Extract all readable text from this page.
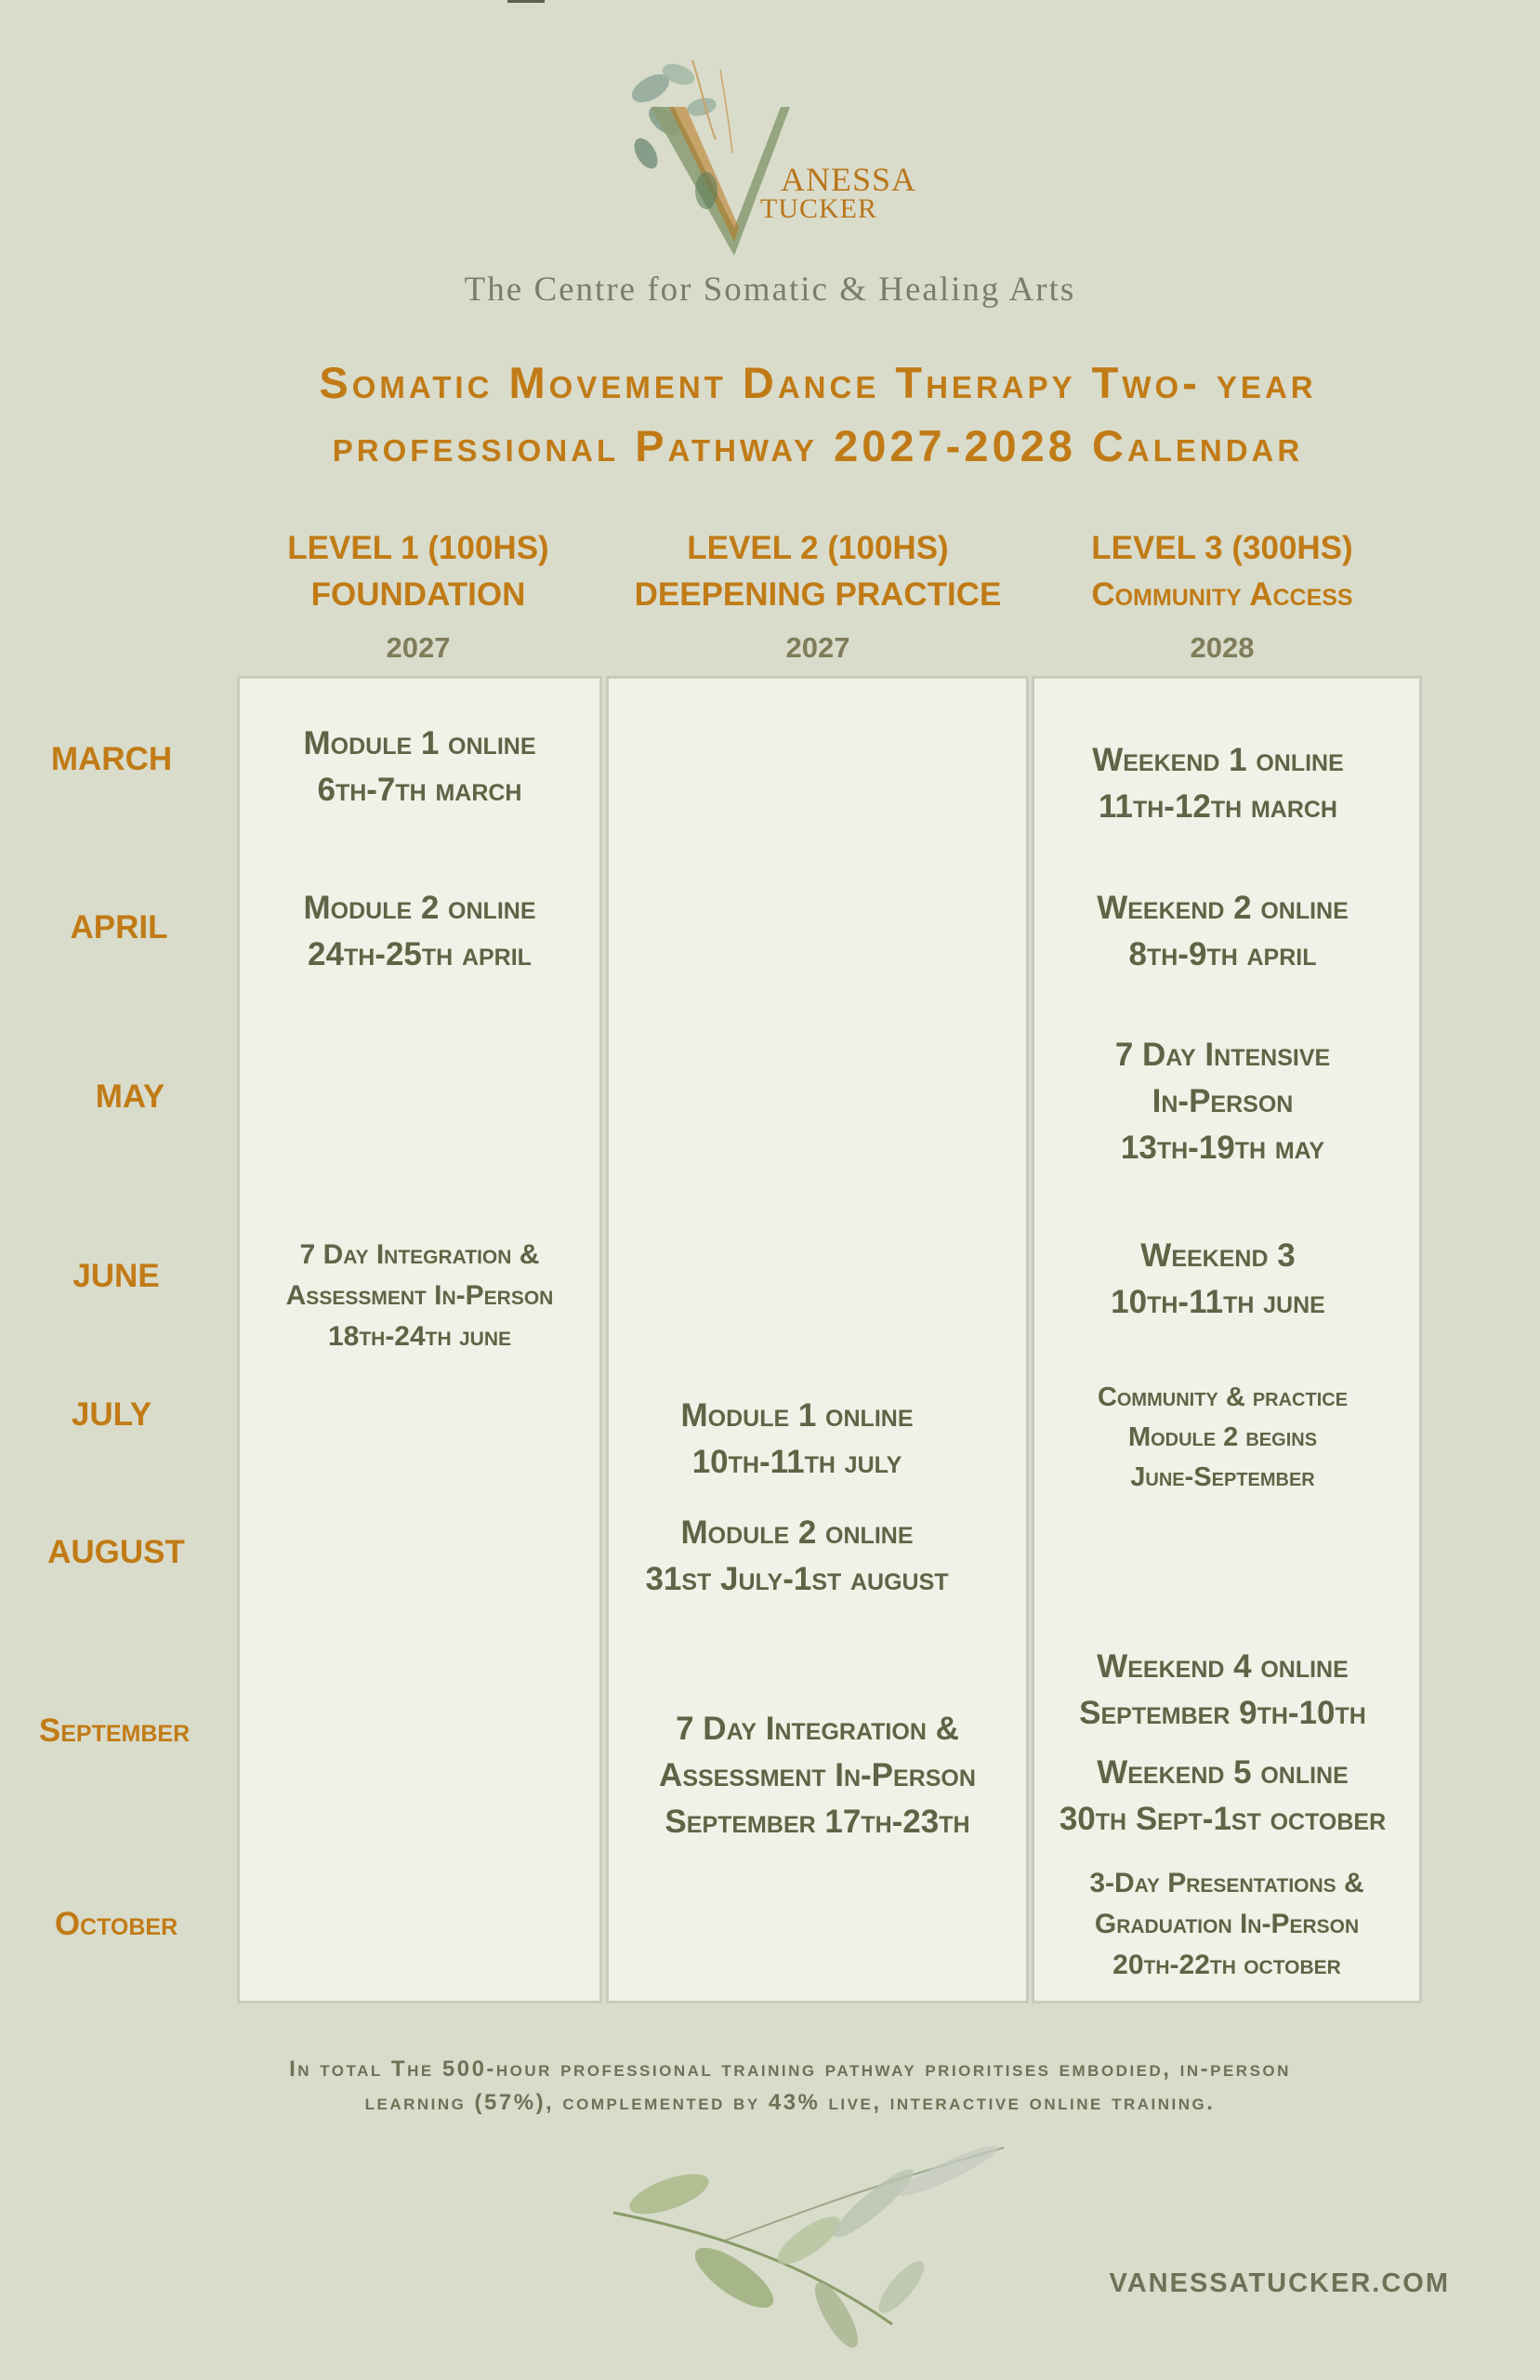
ANESSA
TUCKER
The Centre for Somatic & Healing Arts
Somatic Movement Dance Therapy Two- year
professional Pathway 2027-2028 Calendar
LEVEL 1 (100HS)
FOUNDATION
2027
LEVEL 2 (100HS)
DEEPENING PRACTICE
2027
LEVEL 3 (300HS)
Community Access
2028
MARCH
APRIL
MAY
JUNE
JULY
AUGUST
September
October
Module 1 online
6th-7th march
Module 2 online
24th-25th april
7 Day Integration &
Assessment In-Person
18th-24th june
Module 1 online
10th-11th july
Module 2 online
31st July-1st august
7 Day Integration &
Assessment In-Person
September 17th-23th
Weekend 1 online
11th-12th march
Weekend 2 online
8th-9th april
7 Day Intensive
In-Person
13th-19th may
Weekend 3
10th-11th june
Community & practice
Module 2 begins
June-September
Weekend 4 online
September 9th-10th
Weekend 5 online
30th Sept-1st october
3-Day Presentations &
Graduation In-Person
20th-22th october
In total The 500-hour professional training pathway prioritises embodied, in-person
learning (57%), complemented by 43% live, interactive online training.
VANESSATUCKER.COM
